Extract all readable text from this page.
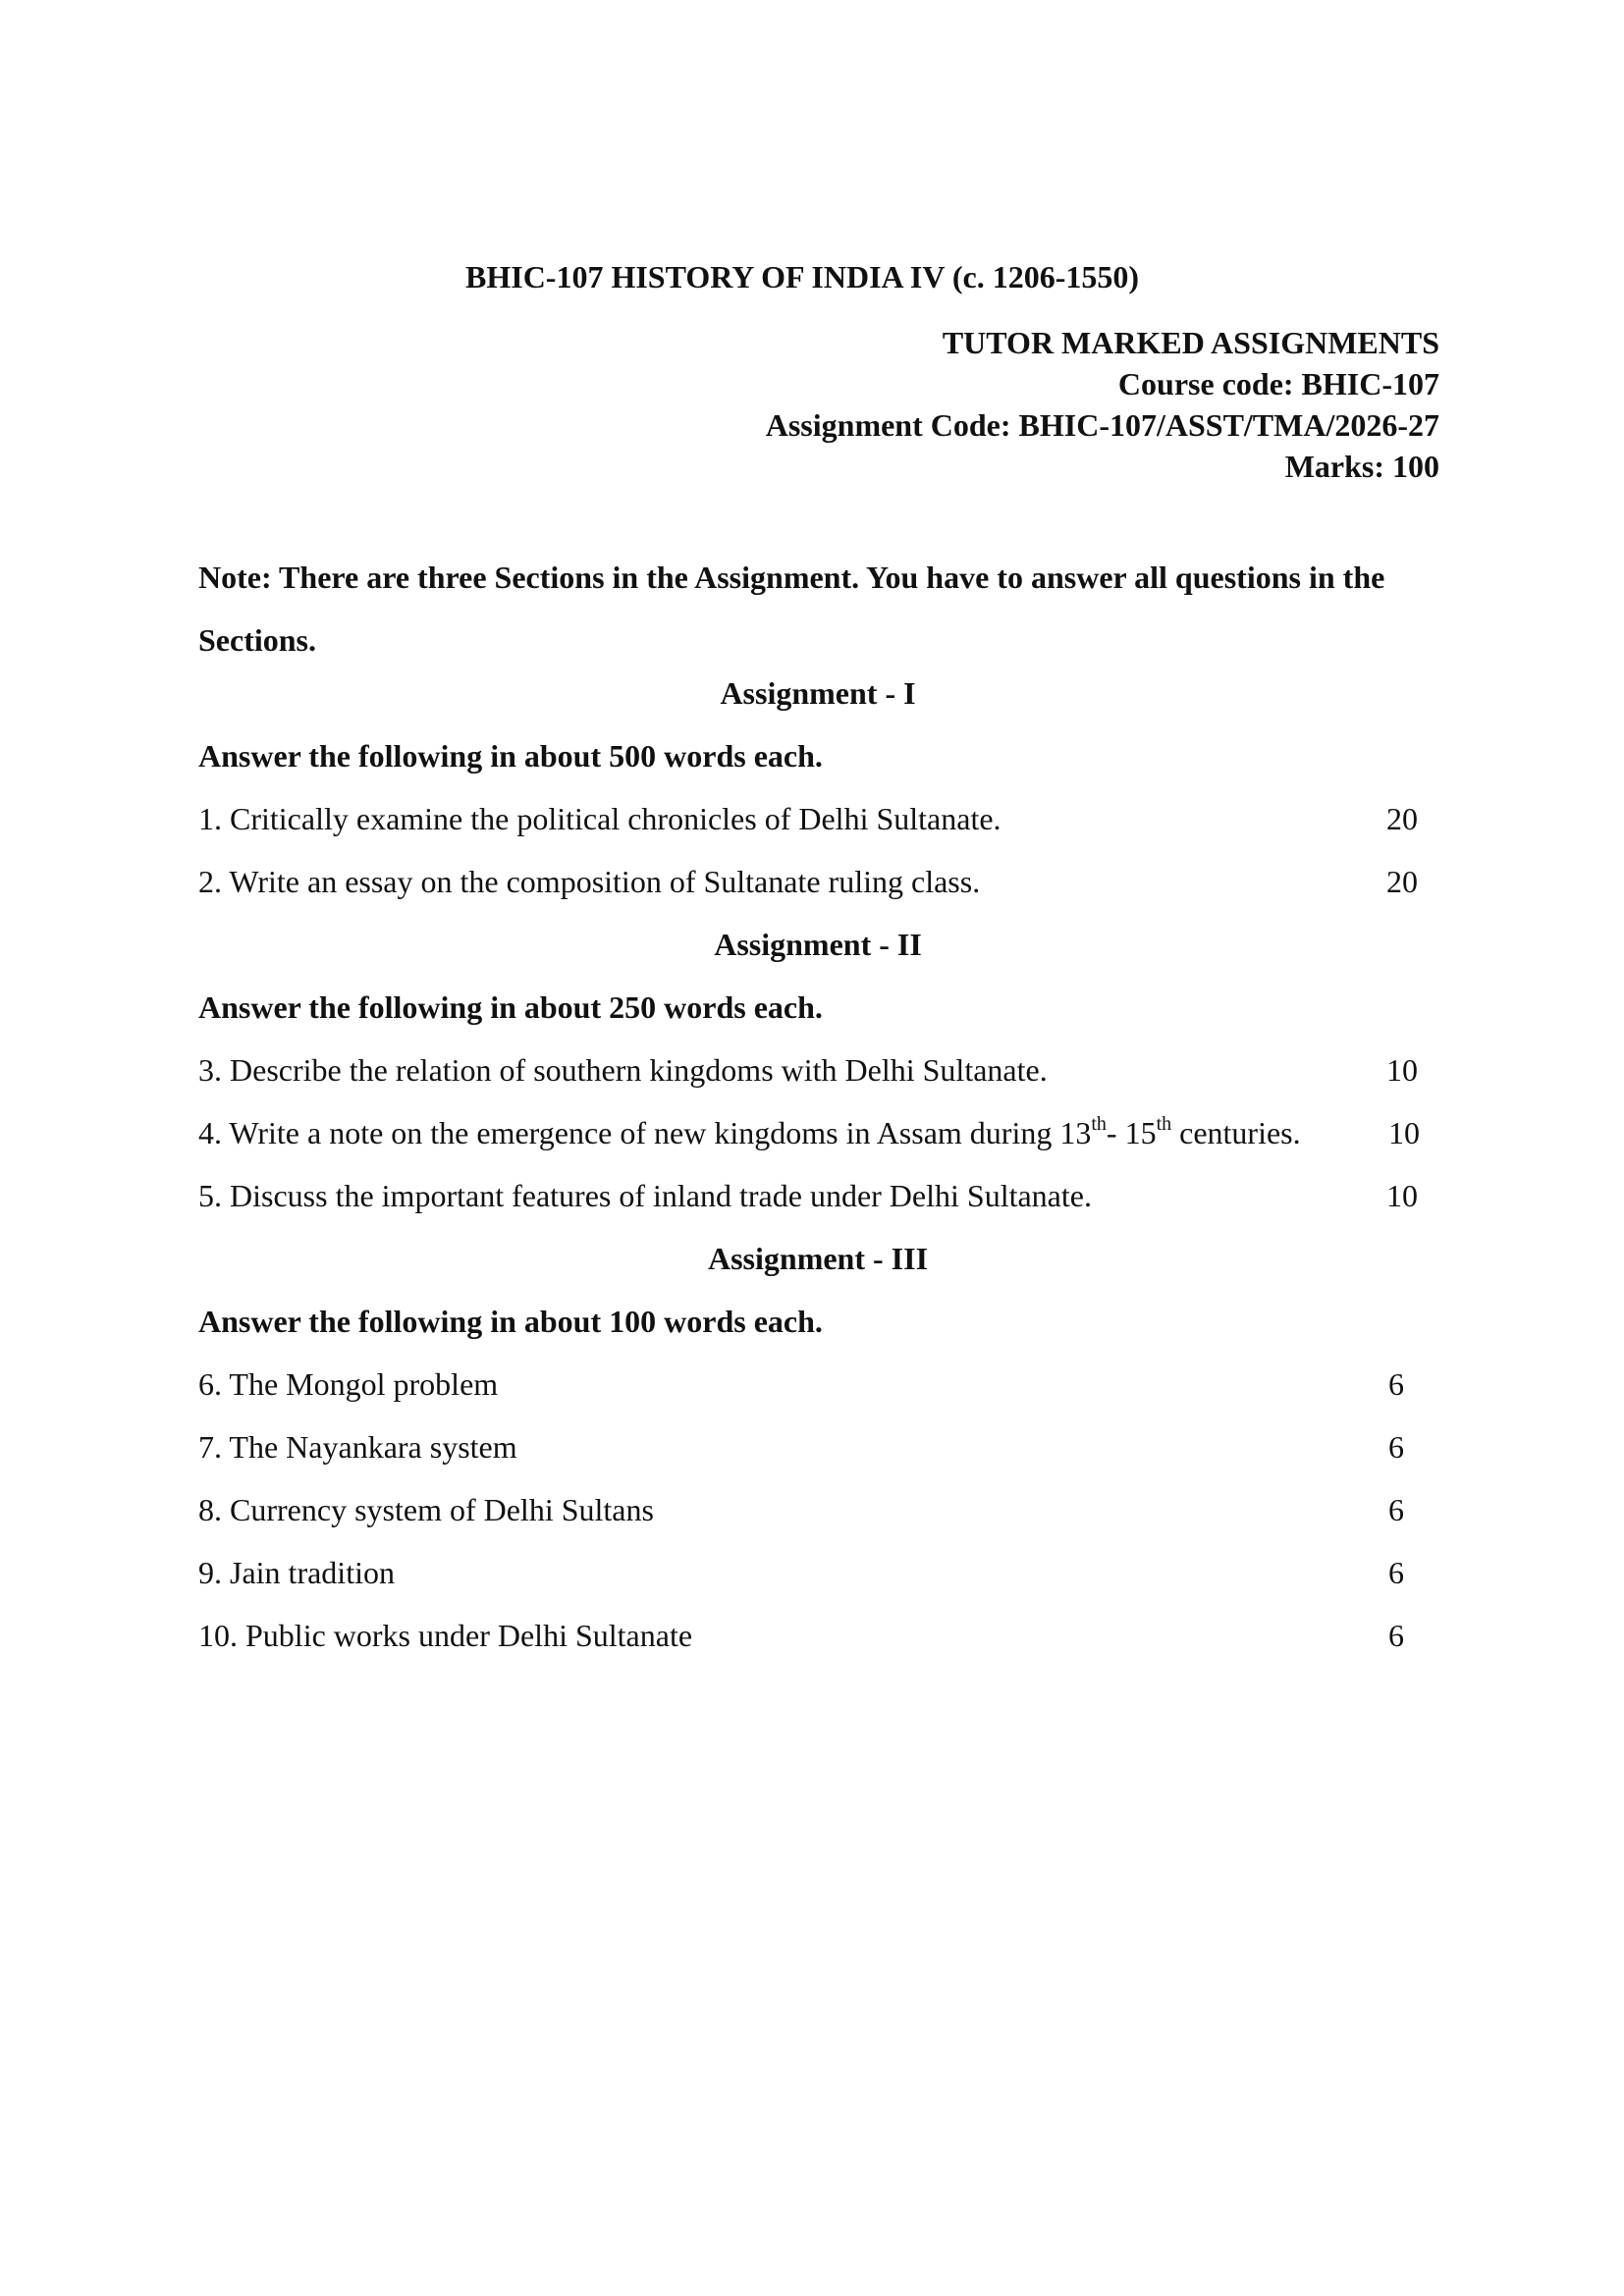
BHIC-107 HISTORY OF INDIA IV (c. 1206-1550)
TUTOR MARKED ASSIGNMENTS
Course code: BHIC-107
Assignment Code: BHIC-107/ASST/TMA/2026-27
Marks: 100
Note: There are three Sections in the Assignment. You have to answer all questions in the Sections.
Assignment - I
Answer the following in about 500 words each.
1. Critically examine the political chronicles of Delhi Sultanate.	20
2. Write an essay on the composition of Sultanate ruling class.	20
Assignment - II
Answer the following in about 250 words each.
3. Describe the relation of southern kingdoms with Delhi Sultanate.	10
4. Write a note on the emergence of new kingdoms in Assam during 13th- 15th centuries.	10
5. Discuss the important features of inland trade under Delhi Sultanate.	10
Assignment - III
Answer the following in about 100 words each.
6. The Mongol problem	6
7. The Nayankara system	6
8. Currency system of Delhi Sultans	6
9. Jain tradition	6
10. Public works under Delhi Sultanate	6
